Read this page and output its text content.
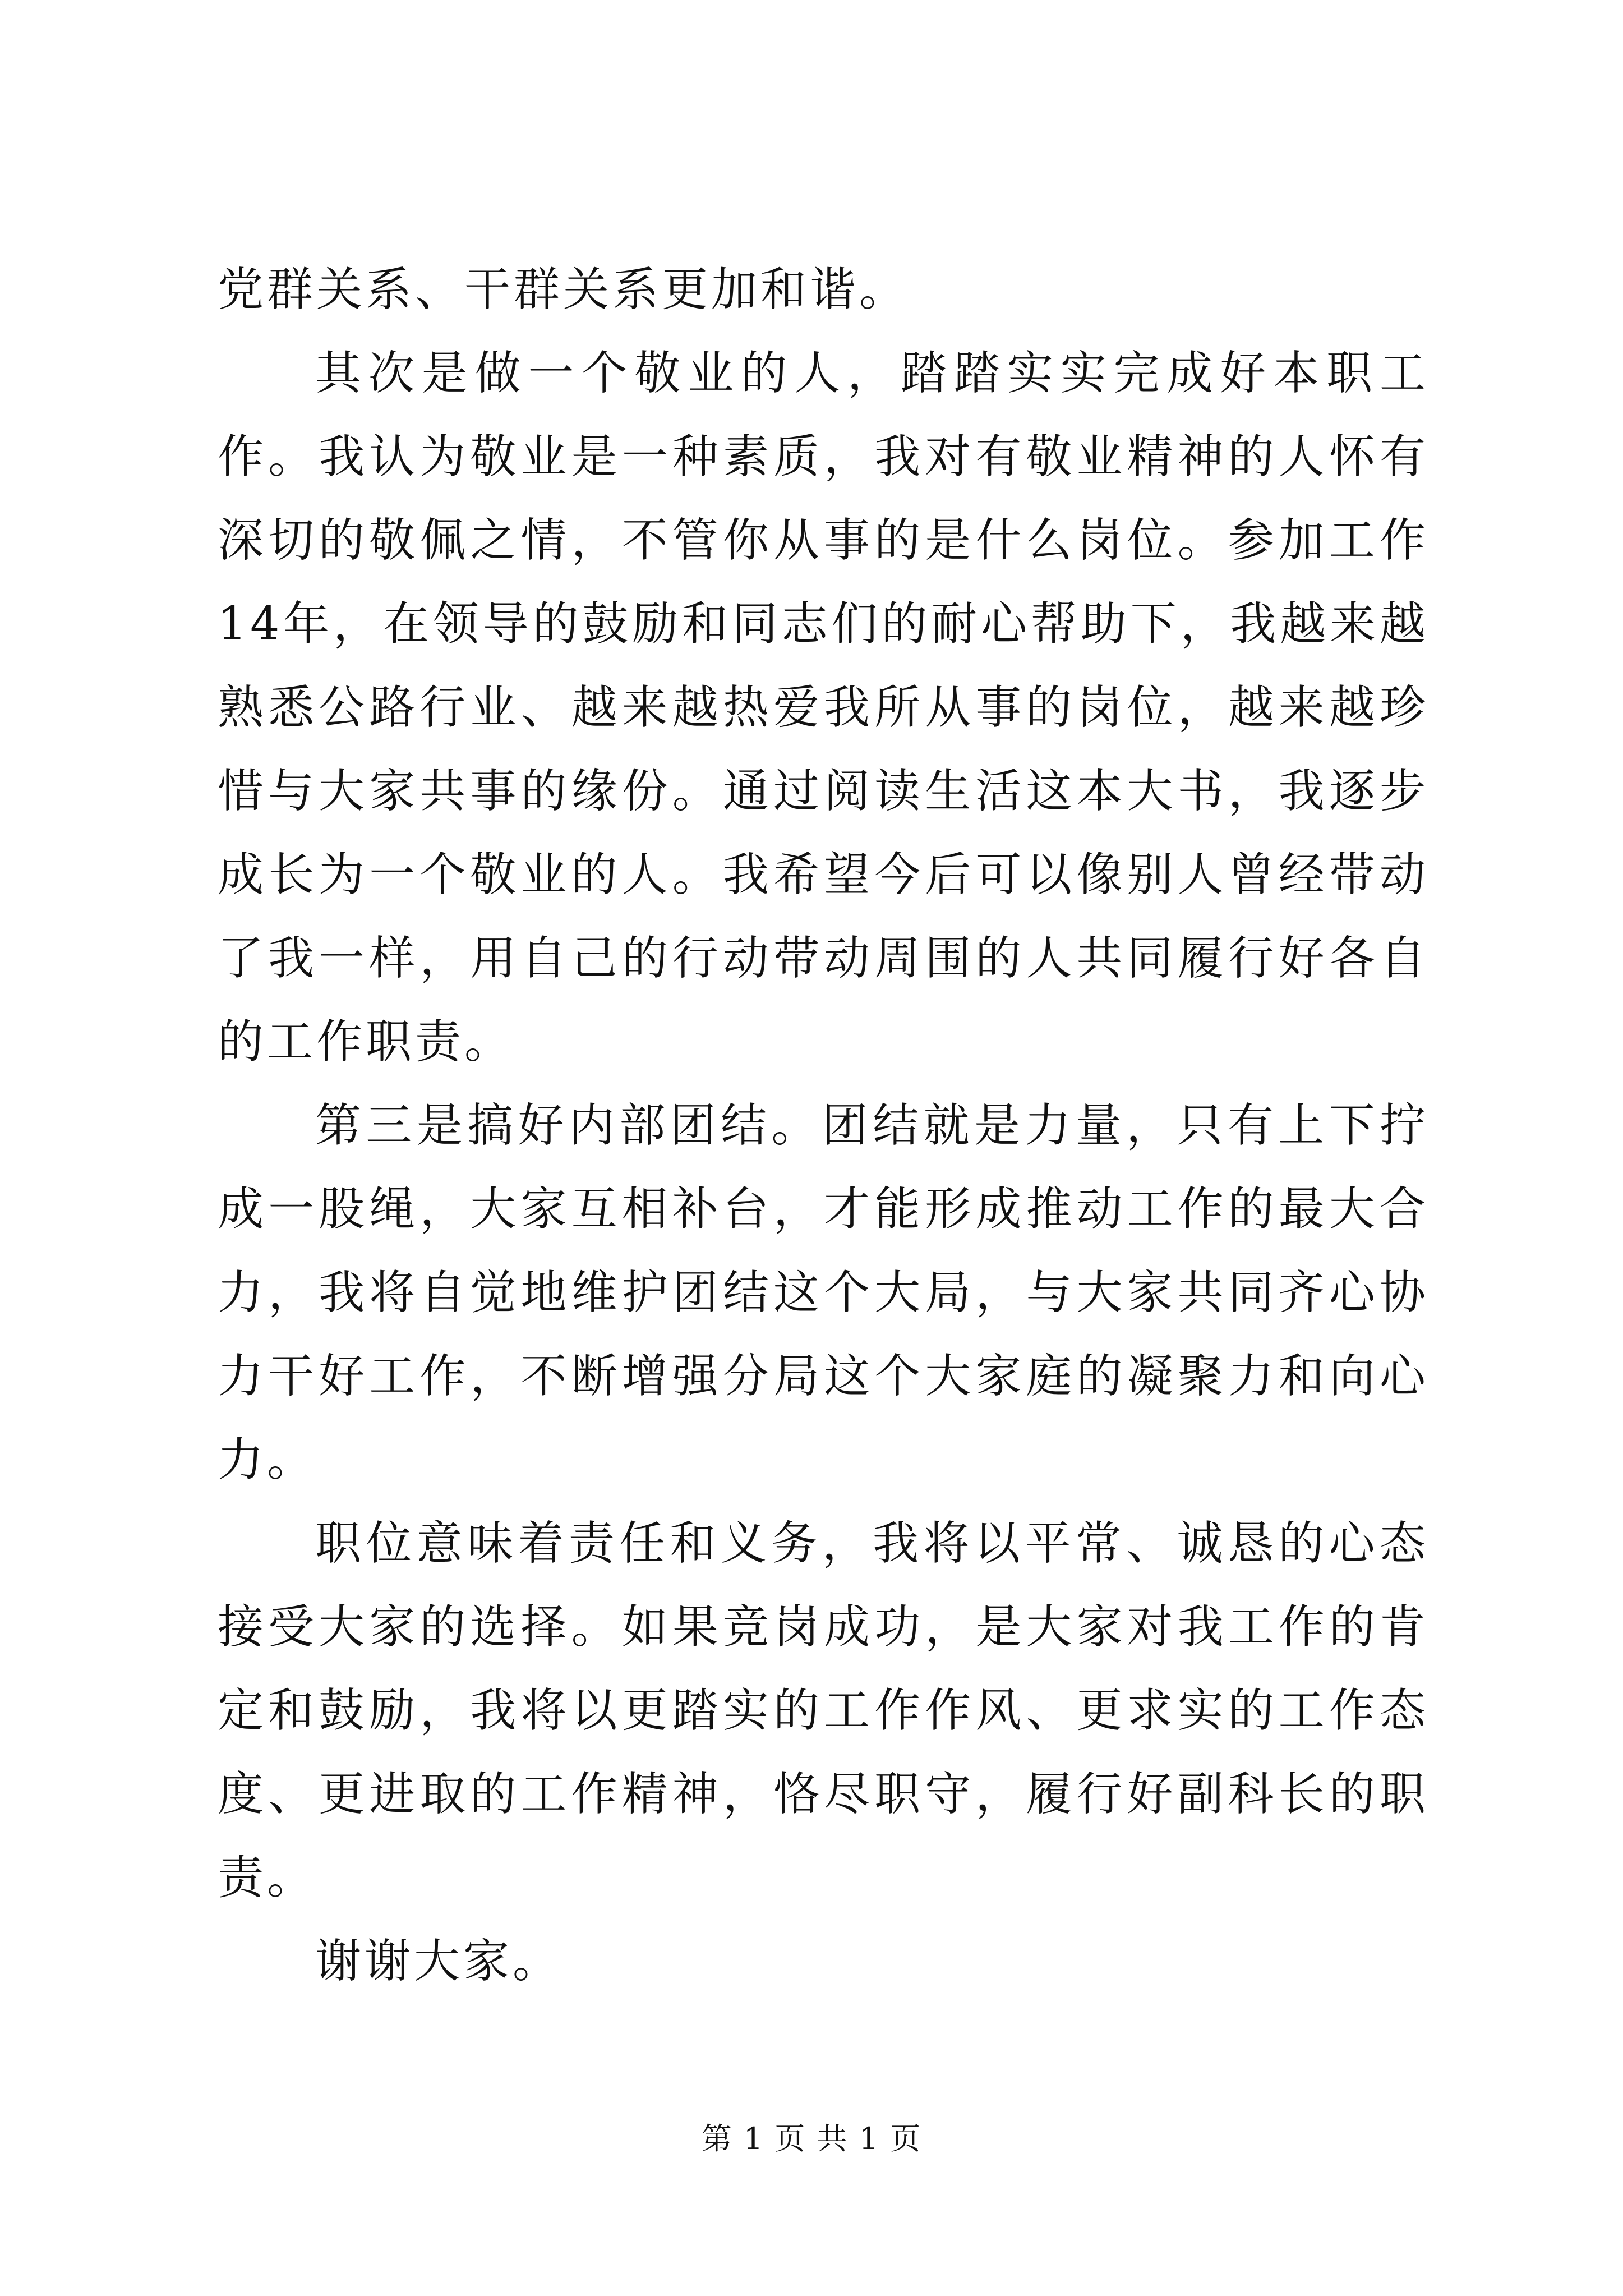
党群关系、干群关系更加和谐。

其次是做一个敬业的人，踏踏实实完成好本职工作。我认为敬业是一种素质，我对有敬业精神的人怀有深切的敬佩之情，不管你从事的是什么岗位。参加工作14年，在领导的鼓励和同志们的耐心帮助下，我越来越熟悉公路行业、越来越热爱我所从事的岗位，越来越珍惜与大家共事的缘份。通过阅读生活这本大书，我逐步成长为一个敬业的人。我希望今后可以像别人曾经带动了我一样，用自己的行动带动周围的人共同履行好各自的工作职责。

第三是搞好内部团结。团结就是力量，只有上下拧成一股绳，大家互相补台，才能形成推动工作的最大合力，我将自觉地维护团结这个大局，与大家共同齐心协力干好工作，不断增强分局这个大家庭的凝聚力和向心力。

职位意味着责任和义务，我将以平常、诚恳的心态接受大家的选择。如果竞岗成功，是大家对我工作的肯定和鼓励，我将以更踏实的工作作风、更求实的工作态度、更进取的工作精神，恪尽职守，履行好副科长的职责。

谢谢大家。

第 1 页 共 1 页
